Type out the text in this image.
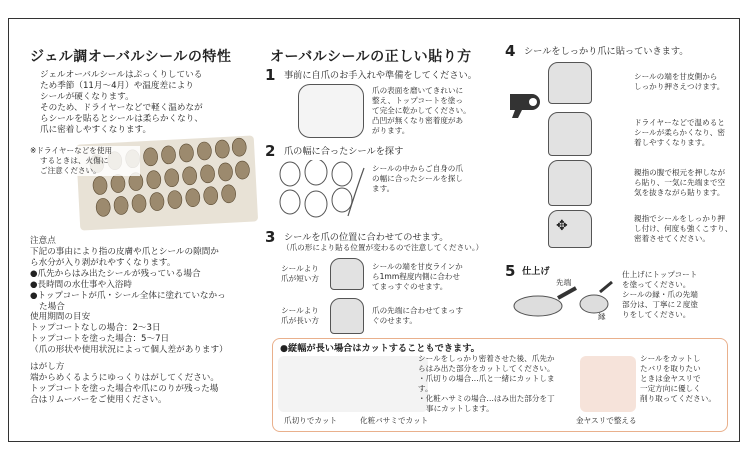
ジェル調オーバルシールの特性
ジェルオーバルシールはぷっくりしている
ため季節（11月～4月）や温度差により
シールが硬くなります。
そのため、ドライヤーなどで軽く温めなが
らシールを貼るとシールは柔らかくなり、
爪に密着しやすくなります。
※ドライヤーなどを使用
するときは、火傷に
ご注意ください。
注意点
下記の事由により指の皮膚や爪とシールの隙間か
ら水分が入り剥がれやすくなります。
●爪先からはみ出たシールが残っている場合
●長時間の水仕事や入浴時
●トップコートが爪・シール全体に塗れていなかっ
た場合
使用期間の目安
トップコートなしの場合：2～3日
トップコートを塗った場合：5～7日
（爪の形状や使用状況によって個人差があります）
はがし方
端からめくるようにゆっくりはがしてください。
トップコートを塗った場合や爪にのりが残った場
合はリムーバーをご使用ください。
オーバルシールの正しい貼り方
1 事前に自爪のお手入れや準備をしてください。
爪の表面を磨いてきれいに
整え、トップコートを塗っ
て完全に乾かしてください。
凸凹が無くなり密着度があ
がります。
2 爪の幅に合ったシールを探す
シールの中からご自身の爪
の幅に合ったシールを探し
ます。
3 シールを爪の位置に合わせてのせます。
（爪の形により貼る位置が変わるので注意してください。）
シールより
爪が短い方
シールの端を甘皮ラインか
ら1mm程度内側に合わせ
てまっすぐのせます。
シールより
爪が長い方
爪の先端に合わせてまっす
ぐのせます。
4 シールをしっかり爪に貼っていきます。
シールの端を甘皮側から
しっかり押さえつけます。
ドライヤーなどで温めると
シールが柔らかくなり、密
着しやすくなります。
親指の腹で根元を押しなが
ら貼り、一気に先端まで空
気を抜きながら貼ります。
✥	親指でシールをしっかり押
し付け、何度も強くこすり、
密着させてください。
5 仕上げ
先端
縁
仕上げにトップコート
を塗ってください。
シールの縁・爪の先端
部分は、丁寧に２度塗
りをしてください。
●縦幅が長い場合はカットすることもできます。
シールをしっかり密着させた後、爪先か
らはみ出た部分をカットしてください。
・爪切りの場合…爪と一緒にカットします。
・化粧ハサミの場合…はみ出た部分を丁
事にカットします。
シールをカットし
たバリを取りたい
ときは金ヤスリで
一定方向に優しく
削り取ってください。
爪切りでカット	化粧バサミでカット	金ヤスリで整える
